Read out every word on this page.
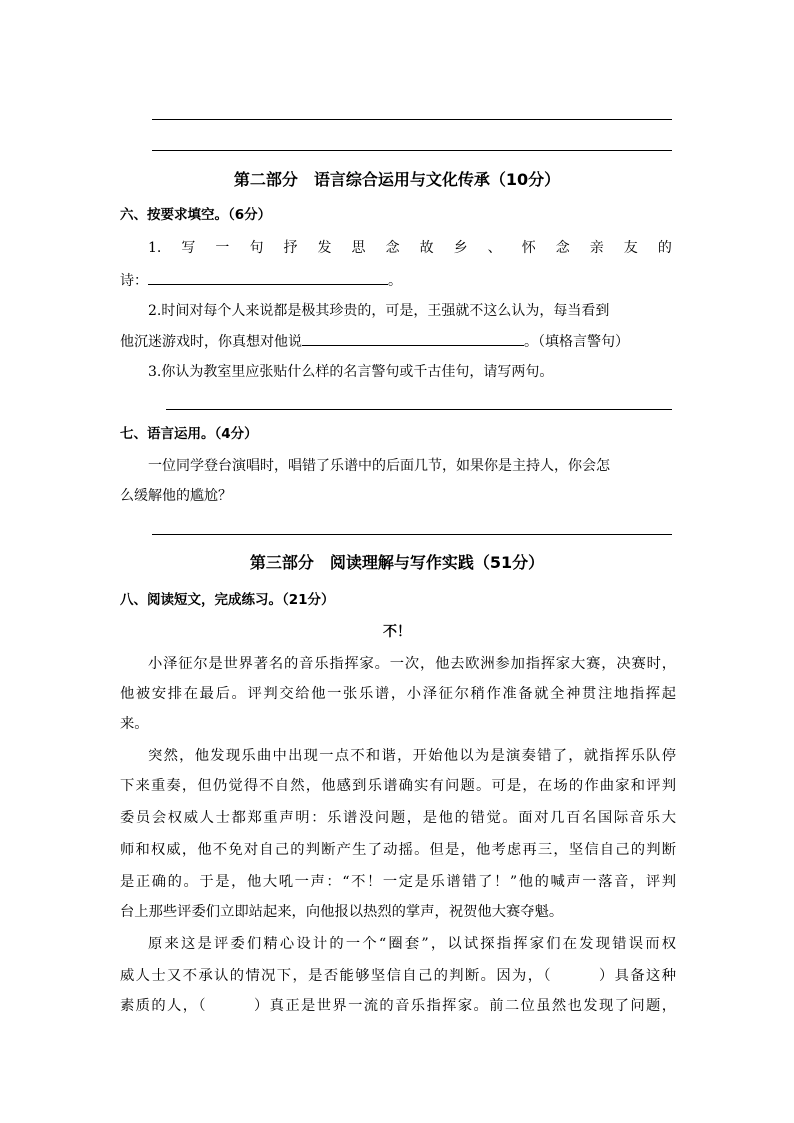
第二部分　语言综合运用与文化传承（10分）
六、按要求填空。（6分）
1. 写 一 句 抒 发 思 念 故 乡 、 怀 念 亲 友 的
诗：	。
2.时间对每个人来说都是极其珍贵的，可是，王强就不这么认为，每当看到
他沉迷游戏时，你真想对他说	。（填格言警句）
3.你认为教室里应张贴什么样的名言警句或千古佳句，请写两句。
七、语言运用。（4分）
一位同学登台演唱时，唱错了乐谱中的后面几节，如果你是主持人，你会怎
么缓解他的尴尬？
第三部分　阅读理解与写作实践（51分）
八、阅读短文，完成练习。（21分）
不！
小泽征尔是世界著名的音乐指挥家。一次，他去欧洲参加指挥家大赛，决赛时，
他被安排在最后。评判交给他一张乐谱，小泽征尔稍作准备就全神贯注地指挥起
来。
突然，他发现乐曲中出现一点不和谐，开始他以为是演奏错了，就指挥乐队停
下来重奏，但仍觉得不自然，他感到乐谱确实有问题。可是，在场的作曲家和评判
委员会权威人士都郑重声明：乐谱没问题，是他的错觉。面对几百名国际音乐大
师和权威，他不免对自己的判断产生了动摇。但是，他考虑再三，坚信自己的判断
是正确的。于是，他大吼一声：“不！一定是乐谱错了！”他的喊声一落音，评判
台上那些评委们立即站起来，向他报以热烈的掌声，祝贺他大赛夺魁。
原来这是评委们精心设计的一个“圈套”，以试探指挥家们在发现错误而权
威人士又不承认的情况下，是否能够坚信自己的判断。因为，（　　　）具备这种
素质的人，（　　　）真正是世界一流的音乐指挥家。前二位虽然也发现了问题，
